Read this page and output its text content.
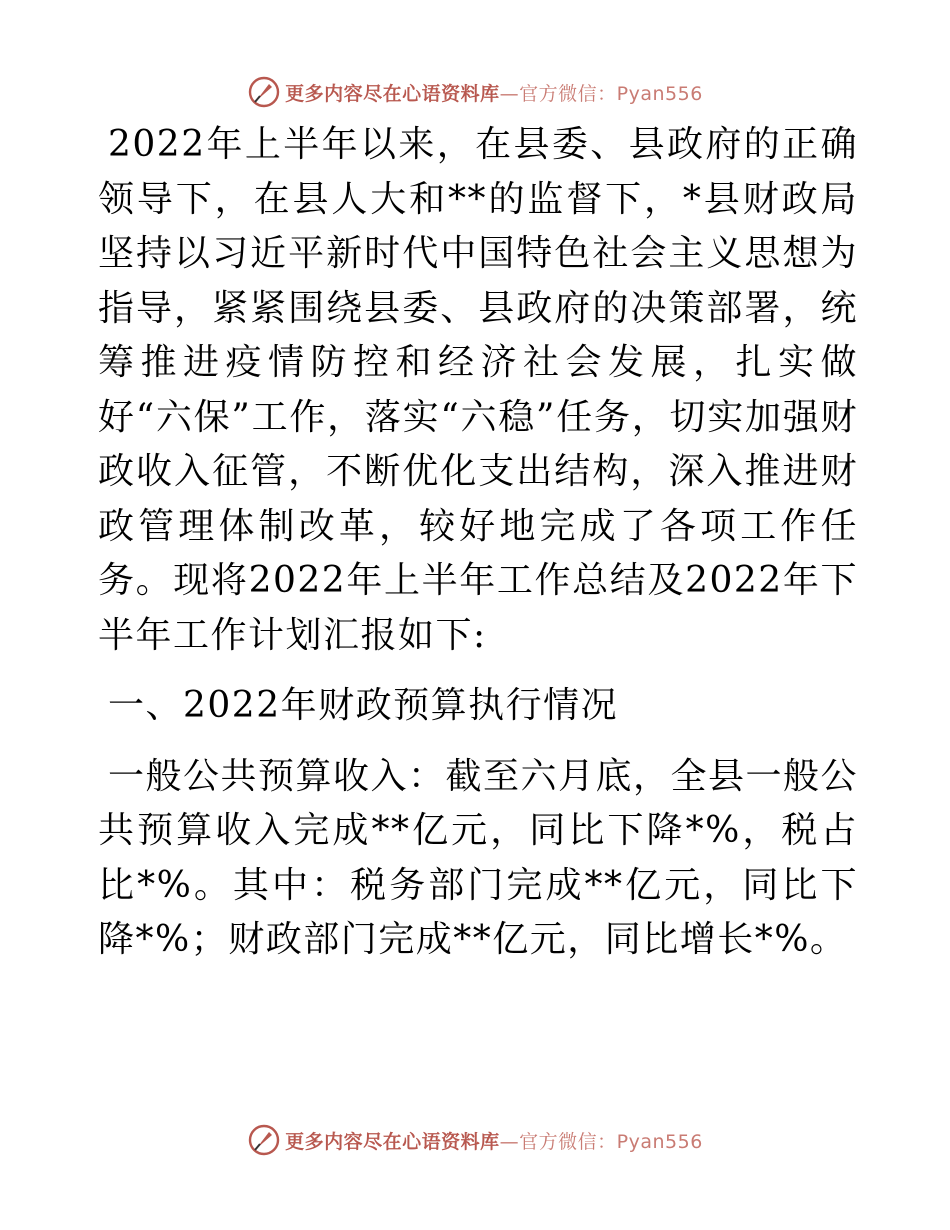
更多内容尽在心语资料库—官方微信：Pyan556

2022年上半年以来，在县委、县政府的正确领导下，在县人大和**的监督下，*县财政局坚持以习近平新时代中国特色社会主义思想为指导，紧紧围绕县委、县政府的决策部署，统筹推进疫情防控和经济社会发展，扎实做好“六保”工作，落实“六稳”任务，切实加强财政收入征管，不断优化支出结构，深入推进财政管理体制改革，较好地完成了各项工作任务。现将2022年上半年工作总结及2022年下半年工作计划汇报如下:

一、2022年财政预算执行情况

一般公共预算收入：截至六月底，全县一般公共预算收入完成**亿元，同比下降*%，税占比*%。其中：税务部门完成**亿元，同比下降*%；财政部门完成**亿元，同比增长*%。

更多内容尽在心语资料库—官方微信：Pyan556
